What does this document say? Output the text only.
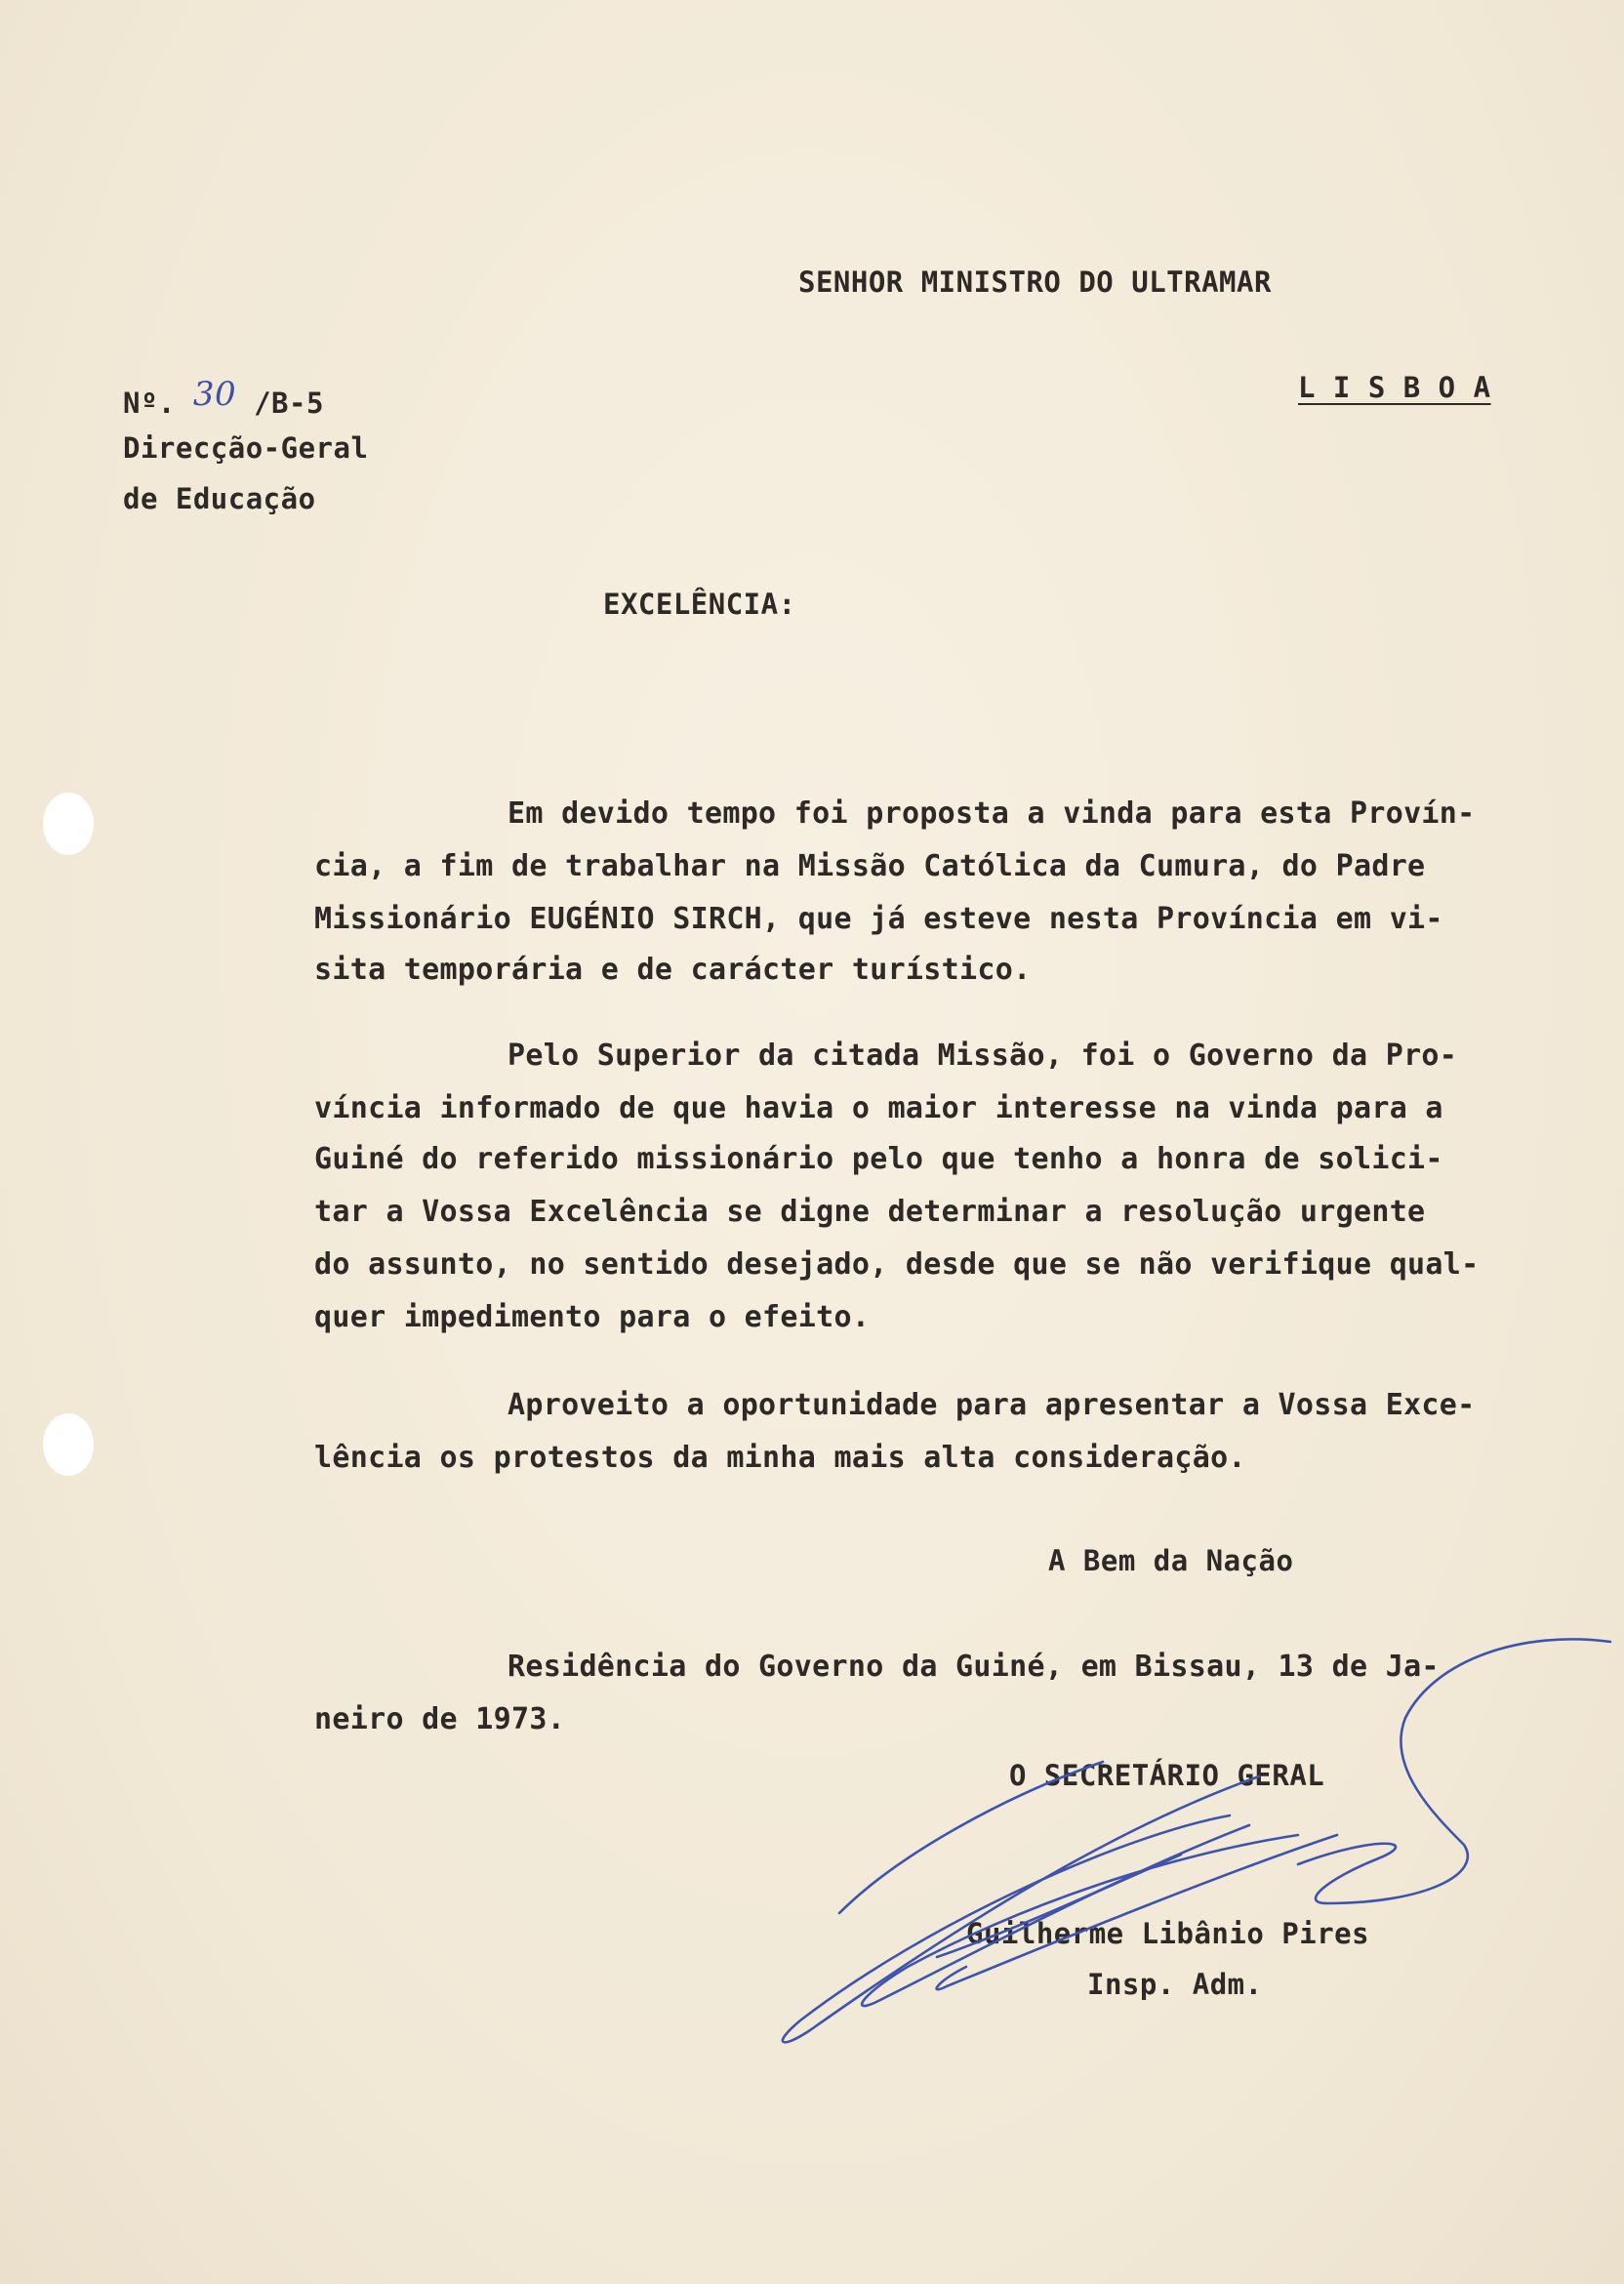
SENHOR MINISTRO DO ULTRAMAR
L I S B O A
Nº. 30 /B-5
Direcção-Geral
de Educação
EXCELÊNCIA:
Em devido tempo foi proposta a vinda para esta Provín-
cia, a fim de trabalhar na Missão Católica da Cumura, do Padre
Missionário EUGÉNIO SIRCH, que já esteve nesta Província em vi-
sita temporária e de carácter turístico.
Pelo Superior da citada Missão, foi o Governo da Pro-
víncia informado de que havia o maior interesse na vinda para a
Guiné do referido missionário pelo que tenho a honra de solici-
tar a Vossa Excelência se digne determinar a resolução urgente
do assunto, no sentido desejado, desde que se não verifique qual-
quer impedimento para o efeito.
Aproveito a oportunidade para apresentar a Vossa Exce-
lência os protestos da minha mais alta consideração.
A Bem da Nação
Residência do Governo da Guiné, em Bissau, 13 de Ja-
neiro de 1973.
O SECRETÁRIO GERAL
Guilherme Libânio Pires
Insp. Adm.
